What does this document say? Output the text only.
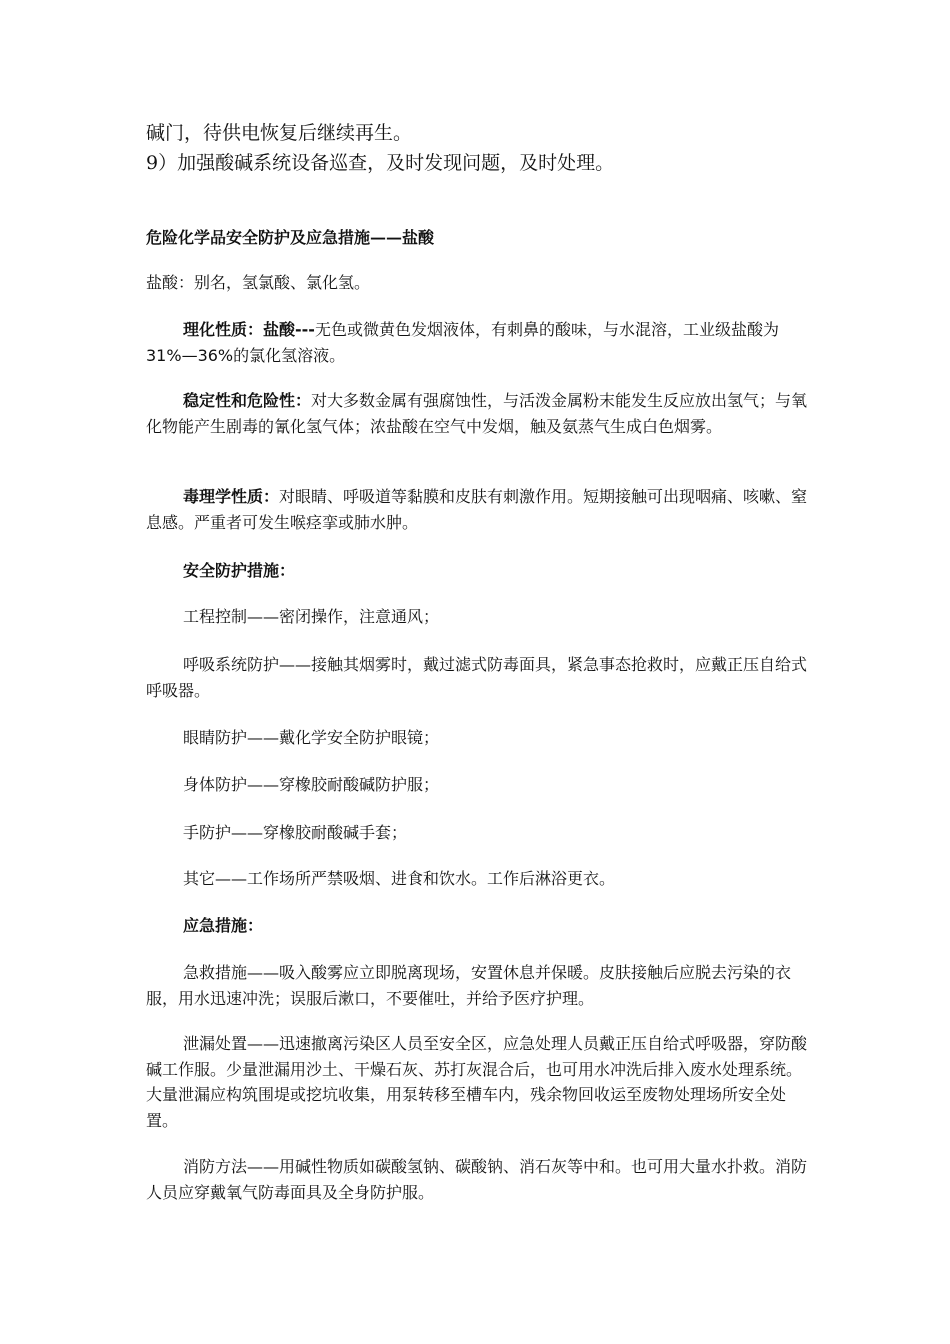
碱门，待供电恢复后继续再生。
9）加强酸碱系统设备巡查，及时发现问题，及时处理。
危险化学品安全防护及应急措施——盐酸

盐酸：别名，氢氯酸、氯化氢。

理化性质：盐酸---无色或微黄色发烟液体，有刺鼻的酸味，与水混溶，工业级盐酸为31%—36%的氯化氢溶液。

稳定性和危险性：对大多数金属有强腐蚀性，与活泼金属粉末能发生反应放出氢气；与氧化物能产生剧毒的氰化氢气体；浓盐酸在空气中发烟，触及氨蒸气生成白色烟雾。

毒理学性质：对眼睛、呼吸道等黏膜和皮肤有刺激作用。短期接触可出现咽痛、咳嗽、窒息感。严重者可发生喉痉挛或肺水肿。

安全防护措施：

工程控制——密闭操作，注意通风；

呼吸系统防护——接触其烟雾时，戴过滤式防毒面具，紧急事态抢救时，应戴正压自给式呼吸器。

眼睛防护——戴化学安全防护眼镜；

身体防护——穿橡胶耐酸碱防护服；

手防护——穿橡胶耐酸碱手套；

其它——工作场所严禁吸烟、进食和饮水。工作后淋浴更衣。

应急措施：

急救措施——吸入酸雾应立即脱离现场，安置休息并保暖。皮肤接触后应脱去污染的衣服，用水迅速冲洗；误服后漱口，不要催吐，并给予医疗护理。

泄漏处置——迅速撤离污染区人员至安全区，应急处理人员戴正压自给式呼吸器，穿防酸碱工作服。少量泄漏用沙土、干燥石灰、苏打灰混合后，也可用水冲洗后排入废水处理系统。大量泄漏应构筑围堤或挖坑收集，用泵转移至槽车内，残余物回收运至废物处理场所安全处置。

消防方法——用碱性物质如碳酸氢钠、碳酸钠、消石灰等中和。也可用大量水扑救。消防人员应穿戴氧气防毒面具及全身防护服。
